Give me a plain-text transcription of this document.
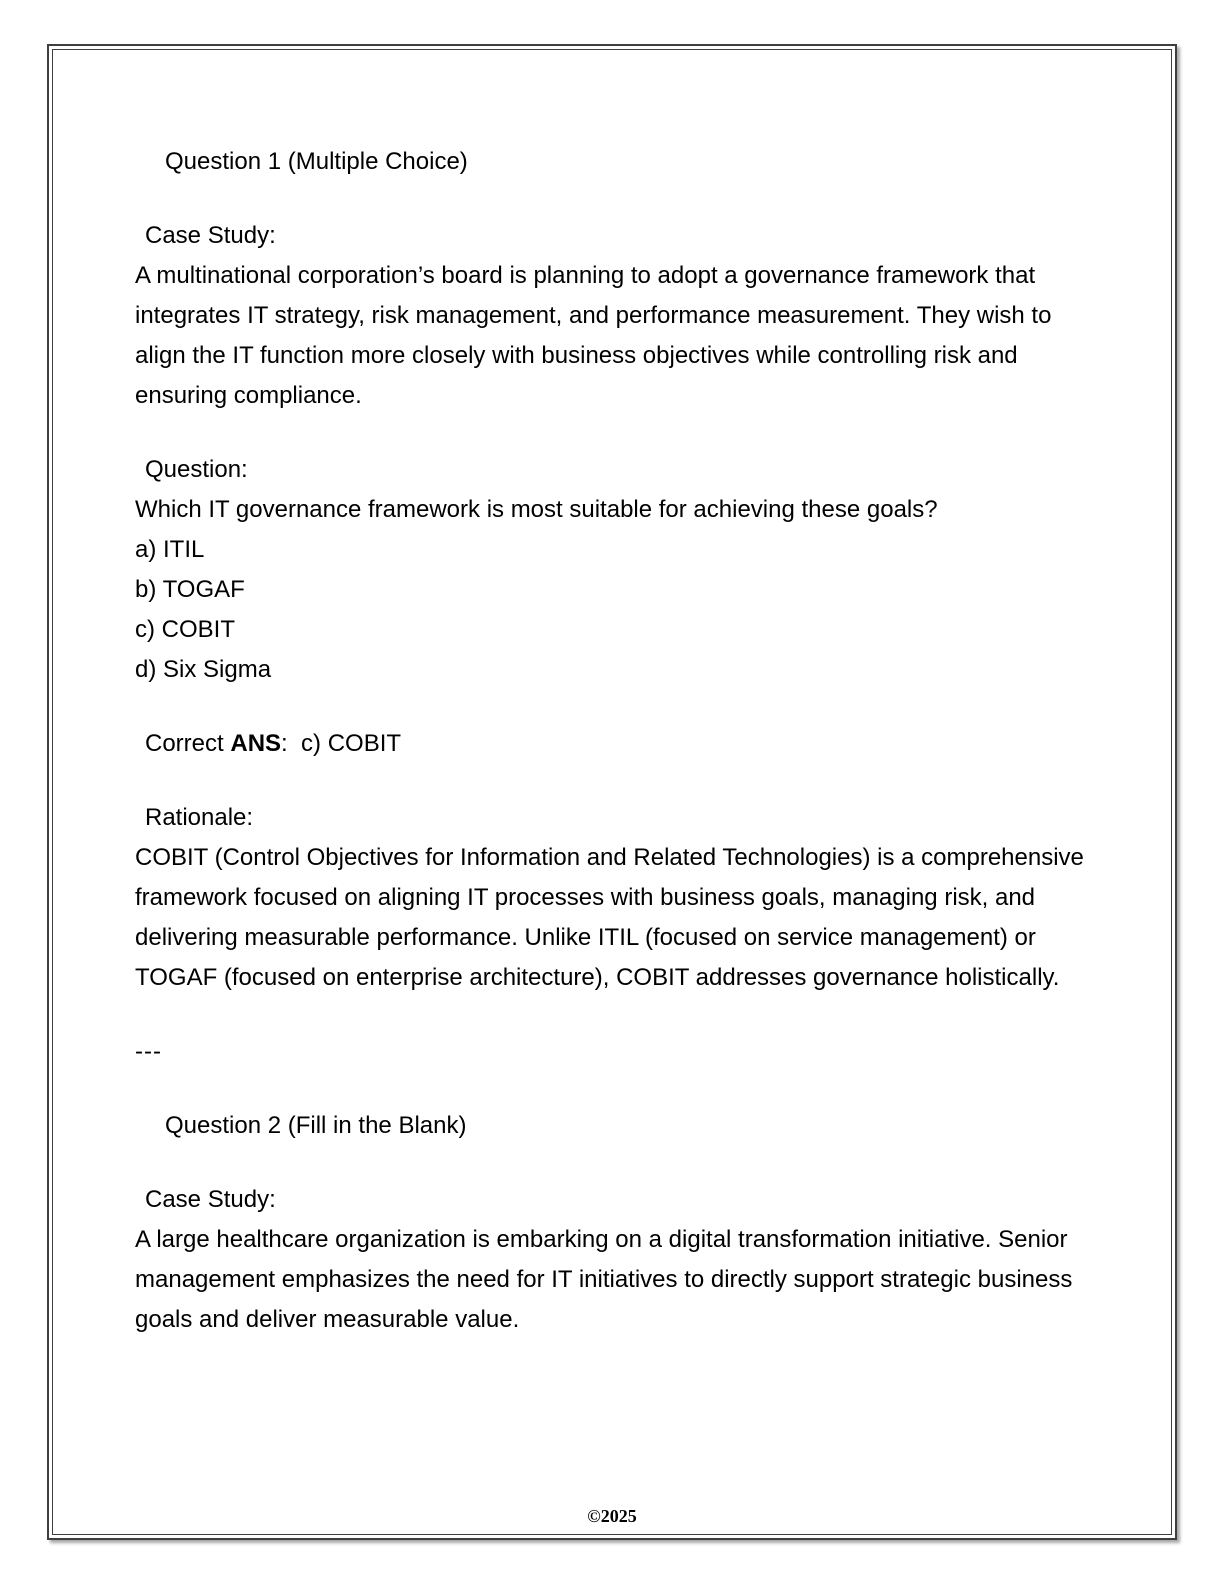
Question 1 (Multiple Choice)

Case Study:

A multinational corporation’s board is planning to adopt a governance framework that integrates IT strategy, risk management, and performance measurement. They wish to align the IT function more closely with business objectives while controlling risk and ensuring compliance.

Question:

Which IT governance framework is most suitable for achieving these goals?

a) ITIL

b) TOGAF

c) COBIT

d) Six Sigma

Correct ANS:  c) COBIT

Rationale:

COBIT (Control Objectives for Information and Related Technologies) is a comprehensive framework focused on aligning IT processes with business goals, managing risk, and delivering measurable performance. Unlike ITIL (focused on service management) or TOGAF (focused on enterprise architecture), COBIT addresses governance holistically.

---

Question 2 (Fill in the Blank)

Case Study:

A large healthcare organization is embarking on a digital transformation initiative. Senior management emphasizes the need for IT initiatives to directly support strategic business goals and deliver measurable value.

©2025
